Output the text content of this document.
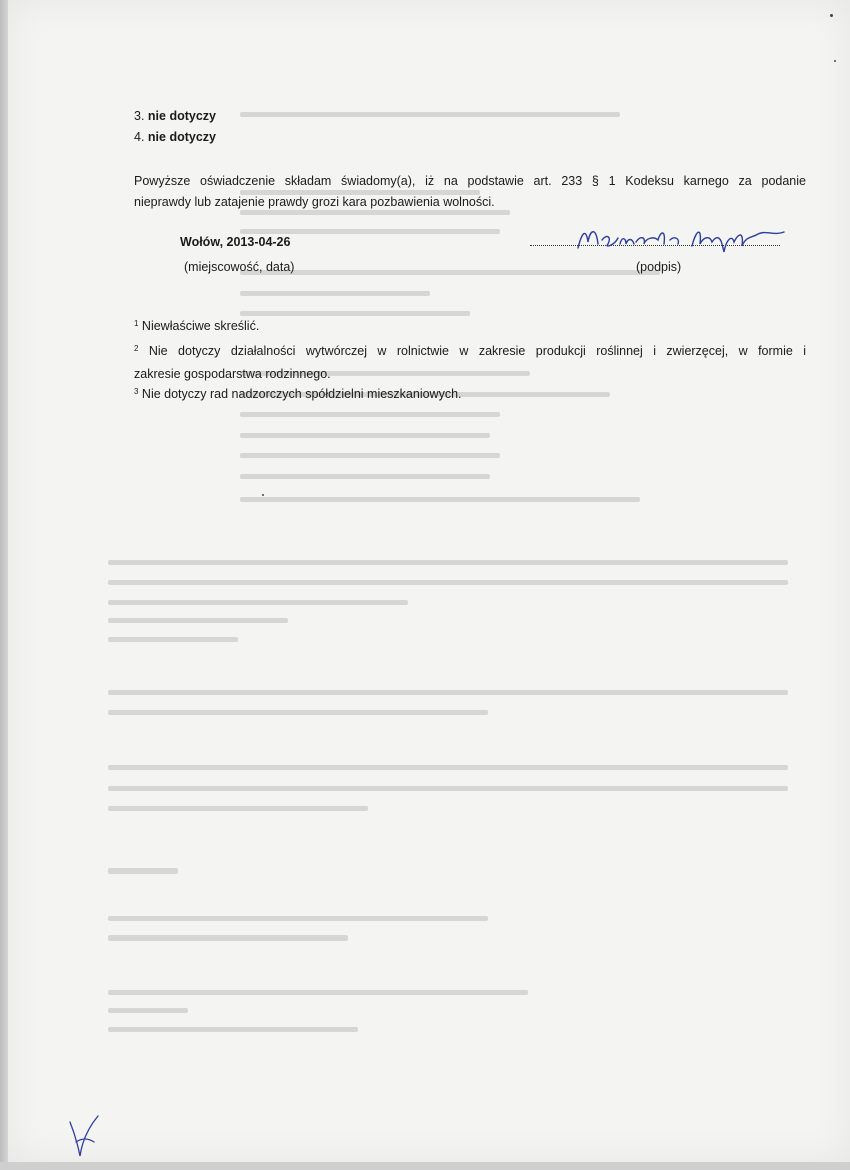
3. nie dotyczy
4. nie dotyczy
Powyższe oświadczenie składam świadomy(a), iż na podstawie art. 233 § 1 Kodeksu karnego za podanie
nieprawdy lub zatajenie prawdy grozi kara pozbawienia wolności.
Wołów, 2013-04-26
(miejscowość, data)	(podpis)
$^1$ Niewłaściwe skreślić.
$^2$ Nie dotyczy działalności wytwórczej w rolnictwie w zakresie produkcji roślinnej i zwierzęcej, w formie i
zakresie gospodarstwa rodzinnego.
$^3$ Nie dotyczy rad nadzorczych spółdzielni mieszkaniowych.
